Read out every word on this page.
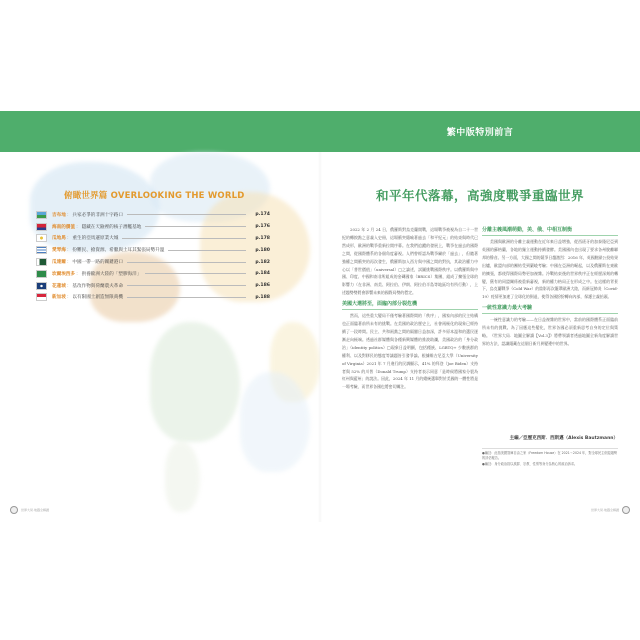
繁中版特別前言
俯瞰世界篇 OVERLOOKING THE WORLD
吉布地 ： 兵家必爭的非洲十字路口	p.174
海南的價值 ： 隱藏在天險裡的核子潛艦基地	p.176
瓜地馬 ： 重生的亞馬遜原業大城	p.178
愛琴海 ： 扮難民、搶資源、希臘與土耳其緊張局勢升溫	p.180
瓜達爾 ： 中國一帶一路的關鍵港口	p.182
坎爾埃西多 ： 供養歐洲大陸的「塑膠海洋」	p.184
花蓮城 ： 基改作物與荷蘭農夫革命	p.186
新加坡 ： 以有限國土創造無限商機	p.188
世界大局·地圖全解讀
和平年代落幕，高強度戰爭重臨世界

2022 年 2 月 24 日，俄羅斯對烏克蘭開戰，這場戰爭被視為自二十一世紀的轉捩點之意義入史冊，這場衝突隱喻著過去「和平紀元」的結束與時代已然成形，歐洲的戰爭重新拉開序幕。在我們追蹤的發展上，戰爭在過去的國際之間，從國際體系的各個角度審視。人們曾經認為戰爭屬於「過去」，但隨著強權之間衝突的再次發生，俄羅斯加入西方與中國之間的對抗，其政治權力中心以「普世價值」（universal）□之論述，試圖挑戰國際秩序。以俄羅斯與中國、印度、中國和南非所組成的金磚國家（BRICS）集團，組成了擴張全球的影響力（在非洲、南美、阿拉伯、伊朗、阿拉伯半島等地區均有所行動），上述趨勢勢將會影響未來的國際局勢的穩定。

美國大選將至，面臨內部分裂危機

然而，這些重大變局不僅考驗著國際間的「秩序」，國家內部的民主結構也正面臨著前所未有的挑戰。在美國的政治歷史上，社會兩極化的現象已經持續了一段時間。民主、共和兩黨之間的隔閡日益加深，許多原本溫和的選民逐漸走向極端。透過社群媒體與各種新興媒體的推波助瀾，美國政治的「身分政治」（identity politics）□現象日益明顯，包括種族、LGBTQ+ 少數族群的權利、以及對移民的態度等議題皆引發爭論。根據維吉尼亞大學（University of Virginia）2021 年 7 月進行的民調顯示，41% 的拜登（Joe Biden）支持者與 52% 的川普（Donald Trump）支持者表示同意「是時候將國家分裂為紅州與藍州」的說法。因此，2024 年 11 月的總統選舉對於美國的一體性將是一場考驗，而世界各國也將密切關注。

分離主義風潮萌動，美、俄、中相互制衡

美國與歐洲的分離主義運動在近年來日益增強，從西班牙的加泰隆尼亞到英國的蘇格蘭，各地的獨立運動持續發酵。美國國內也出現了要求各州脫離聯邦的聲音。另一方面，大國之間的競爭日趨激烈：2016 年，英國脫歐公投結果出爐，歐盟內部的團結受到嚴峻考驗；中國在亞洲的崛起，以及俄羅斯在東歐的擴張，都使得國際局勢更加複雜。冷戰結束後的世界秩序正在經歷深刻的轉變，舊有的同盟關係被重新審視，新的權力格局正在形成之中。在這樣的背景下，烏克蘭戰爭（Cold War）的陰影再次籠罩歐洲大陸，而新冠肺炎（Covid-19）疫情更加速了全球化的倒退，使得各國紛紛轉向內部，保護主義抬頭。

一統性意識力最大考驗

一統性意識力的考驗——在日益複雜的世界中，當前的國際體系正面臨前所未有的挑戰。為了因應這些變化，世界各國必須重新思考自身的定位與策略。《世界大局．地圖全解讀【Vol.3】》將帶領讀者透過地圖全新角度解讀世界的方法，認識隱藏在這個日新月異變遷中的世界。

主編／亞歷克西斯．西斯邁（Alexis Bautzmann）
●編註：此指美國智庫自由之家（Freedom House）在 2021～2024 年，對全球民主倒退趨勢的評估報告。
●編註：身分政治指以族群、宗教、性別等身分為核心的政治訴求。
世界大局·地圖全解讀
